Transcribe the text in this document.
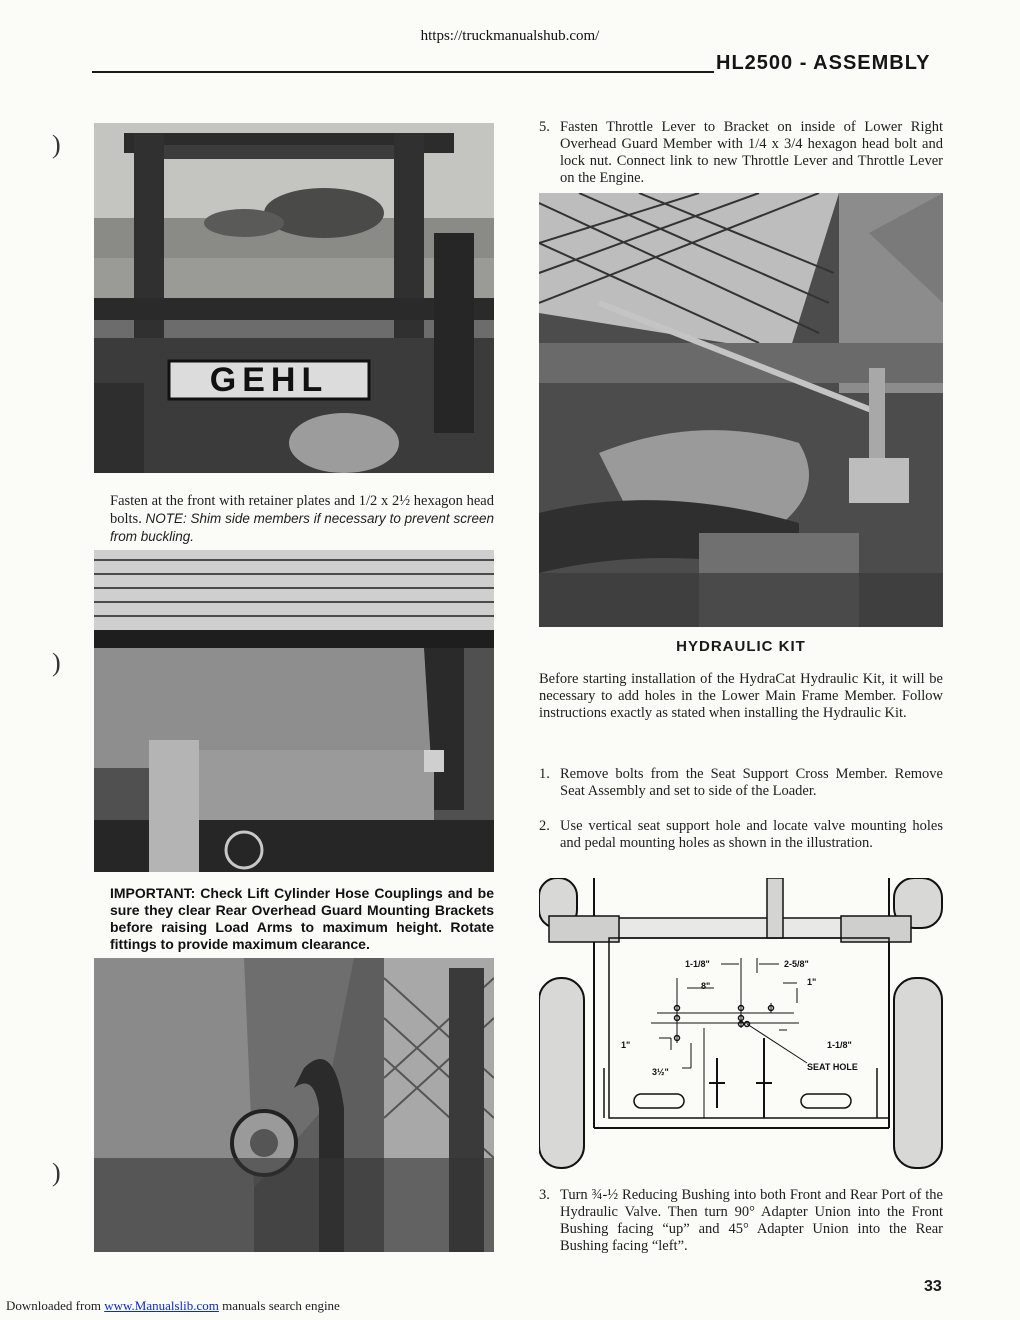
https://truckmanualshub.com/
HL2500 - ASSEMBLY
)
)
)
GEHL
Fasten at the front with retainer plates and 1/2 x 2½ hexagon head bolts. NOTE: Shim side members if necessary to prevent screen from buckling.
IMPORTANT: Check Lift Cylinder Hose Couplings and be sure they clear Rear Overhead Guard Mounting Brackets before raising Load Arms to maximum height. Rotate fittings to provide maximum clearance.
5. Fasten Throttle Lever to Bracket on inside of Lower Right Overhead Guard Member with 1/4 x 3/4 hexagon head bolt and lock nut. Connect link to new Throttle Lever and Throttle Lever on the Engine.
HYDRAULIC KIT
Before starting installation of the HydraCat Hydraulic Kit, it will be necessary to add holes in the Lower Main Frame Member. Follow instructions exactly as stated when installing the Hydraulic Kit.
1. Remove bolts from the Seat Support Cross Member. Remove Seat Assembly and set to side of the Loader.
2. Use vertical seat support hole and locate valve mounting holes and pedal mounting holes as shown in the illustration.
1-1/8"	2-5/8"
8"	1"
1"	1-1/8"
3½"	SEAT HOLE
3. Turn ¾-½ Reducing Bushing into both Front and Rear Port of the Hydraulic Valve. Then turn 90° Adapter Union into the Front Bushing facing “up” and 45° Adapter Union into the Rear Bushing facing “left”.
33
Downloaded from www.Manualslib.com manuals search engine
